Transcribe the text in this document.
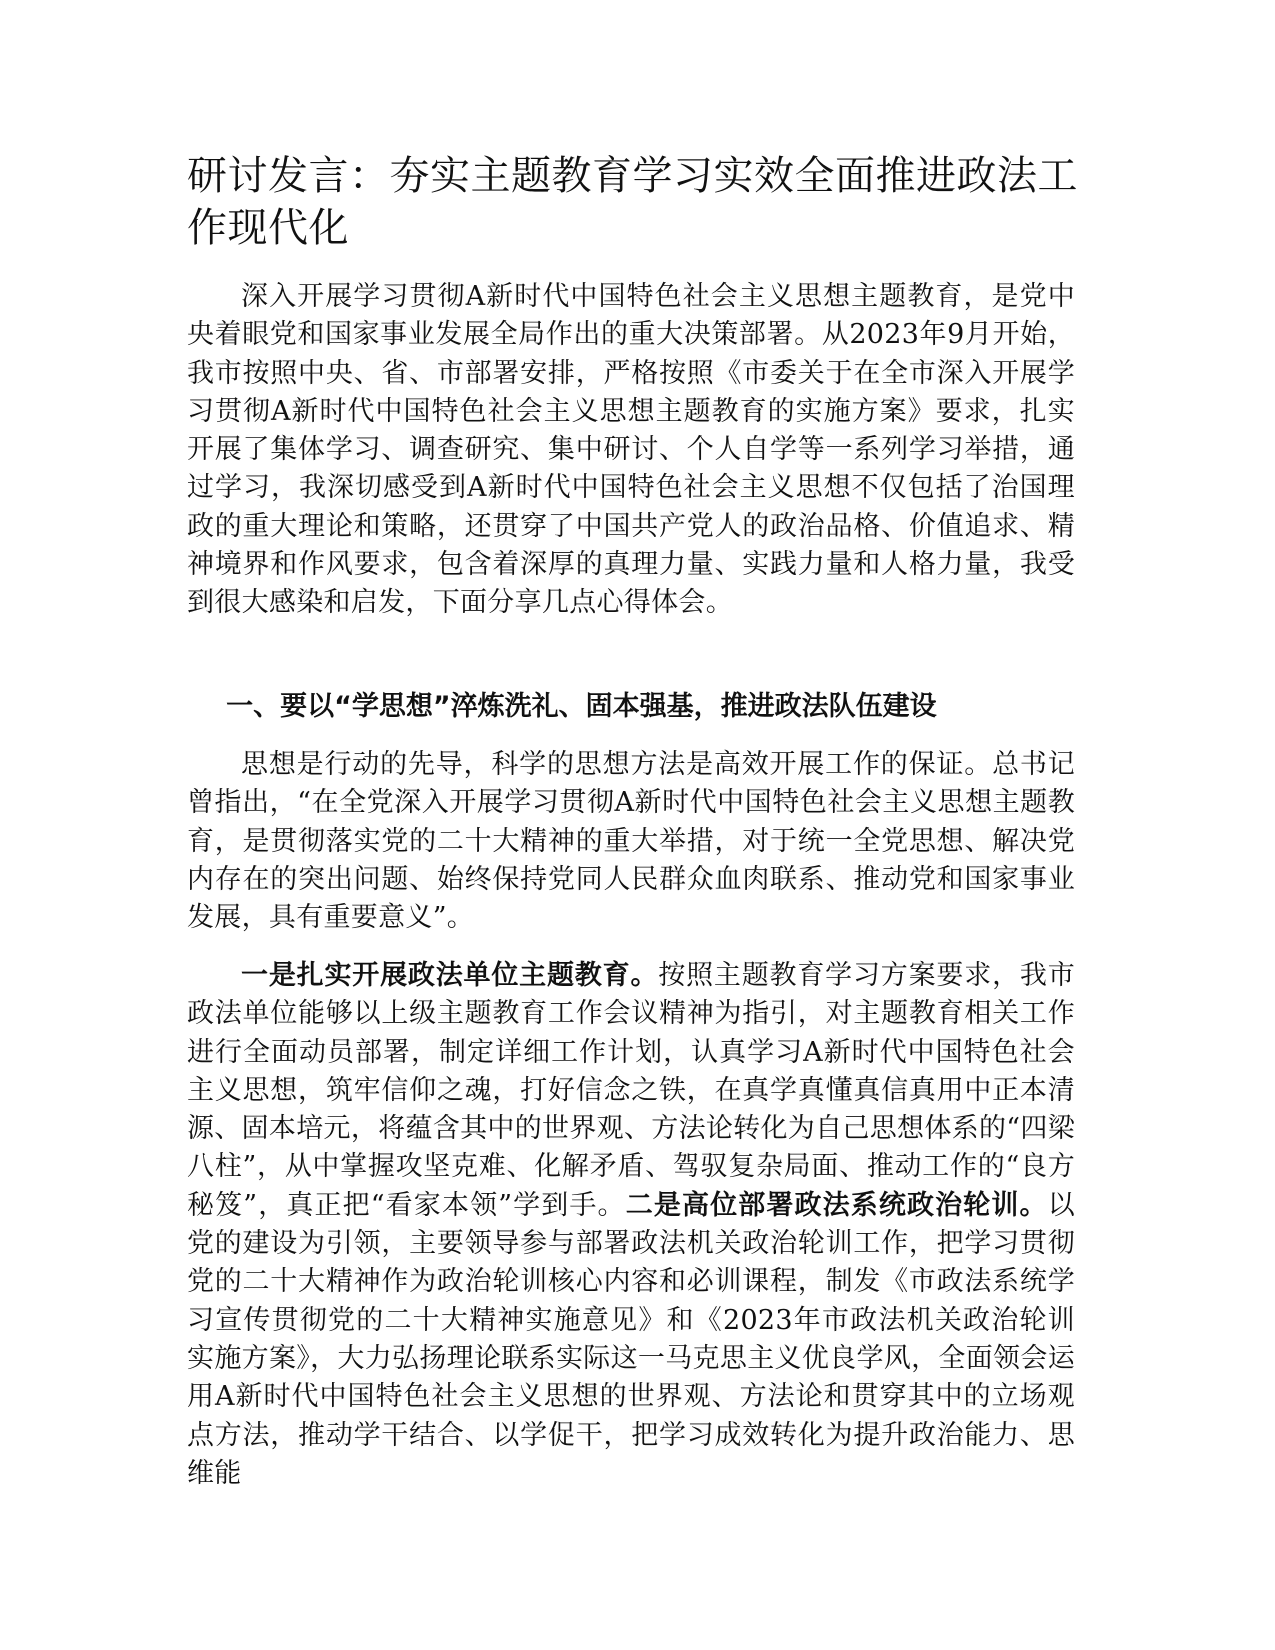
研讨发言：夯实主题教育学习实效全面推进政法工作现代化

深入开展学习贯彻A新时代中国特色社会主义思想主题教育，是党中央着眼党和国家事业发展全局作出的重大决策部署。从2023年9月开始，我市按照中央、省、市部署安排，严格按照《市委关于在全市深入开展学习贯彻A新时代中国特色社会主义思想主题教育的实施方案》要求，扎实开展了集体学习、调查研究、集中研讨、个人自学等一系列学习举措，通过学习，我深切感受到A新时代中国特色社会主义思想不仅包括了治国理政的重大理论和策略，还贯穿了中国共产党人的政治品格、价值追求、精神境界和作风要求，包含着深厚的真理力量、实践力量和人格力量，我受到很大感染和启发，下面分享几点心得体会。

一、要以“学思想”淬炼洗礼、固本强基，推进政法队伍建设

思想是行动的先导，科学的思想方法是高效开展工作的保证。总书记曾指出，“在全党深入开展学习贯彻A新时代中国特色社会主义思想主题教育，是贯彻落实党的二十大精神的重大举措，对于统一全党思想、解决党内存在的突出问题、始终保持党同人民群众血肉联系、推动党和国家事业发展，具有重要意义”。

一是扎实开展政法单位主题教育。按照主题教育学习方案要求，我市政法单位能够以上级主题教育工作会议精神为指引，对主题教育相关工作进行全面动员部署，制定详细工作计划，认真学习A新时代中国特色社会主义思想，筑牢信仰之魂，打好信念之铁，在真学真懂真信真用中正本清源、固本培元，将蕴含其中的世界观、方法论转化为自己思想体系的“四梁八柱”，从中掌握攻坚克难、化解矛盾、驾驭复杂局面、推动工作的“良方秘笈”，真正把“看家本领”学到手。二是高位部署政法系统政治轮训。以党的建设为引领，主要领导参与部署政法机关政治轮训工作，把学习贯彻党的二十大精神作为政治轮训核心内容和必训课程，制发《市政法系统学习宣传贯彻党的二十大精神实施意见》和《2023年市政法机关政治轮训实施方案》，大力弘扬理论联系实际这一马克思主义优良学风，全面领会运用A新时代中国特色社会主义思想的世界观、方法论和贯穿其中的立场观点方法，推动学干结合、以学促干，把学习成效转化为提升政治能力、思维能
